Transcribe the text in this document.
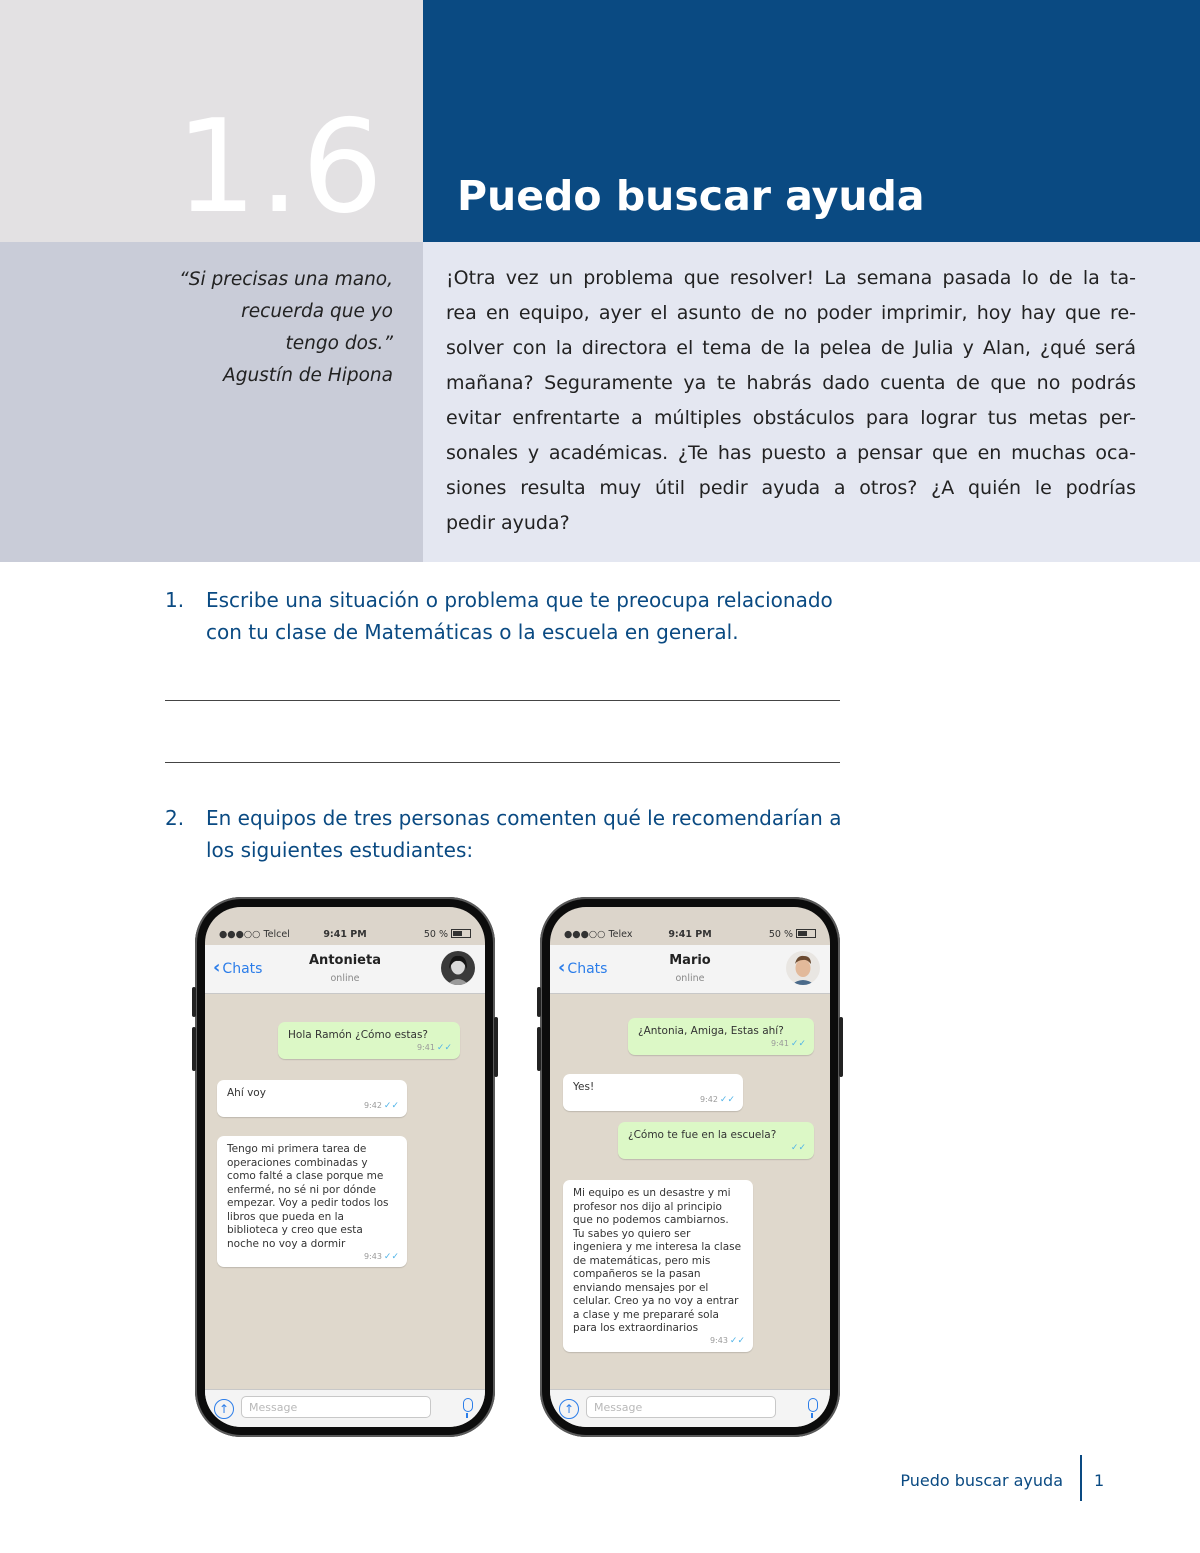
1.6 Puedo buscar ayuda
“Si precisas una mano,
recuerda que yo
tengo dos.”
Agustín de Hipona
¡Otra vez un problema que resolver! La semana pasada lo de la ta-
rea en equipo, ayer el asunto de no poder imprimir, hoy hay que re-
solver con la directora el tema de la pelea de Julia y Alan, ¿qué será
mañana? Seguramente ya te habrás dado cuenta de que no podrás
evitar enfrentarte a múltiples obstáculos para lograr tus metas per-
sonales y académicas. ¿Te has puesto a pensar que en muchas oca-
siones resulta muy útil pedir ayuda a otros? ¿A quién le podrías
pedir ayuda?
1. Escribe una situación o problema que te preocupa relacionado
con tu clase de Matemáticas o la escuela en general.
2. En equipos de tres personas comenten qué le recomendarían a
los siguientes estudiantes:
●●●○○ Telcel	9:41 PM	50 %
‹ Chats
Antonieta
online
Hola Ramón ¿Cómo estas?
9:41 ✓✓
Ahí voy
9:42 ✓✓
Tengo mi primera tarea de operaciones combinadas y como falté a clase porque me enfermé, no sé ni por dónde empezar. Voy a pedir todos los libros que pueda en la biblioteca y creo que esta noche no voy a dormir
9:43 ✓✓
↑	Message
●●●○○ Telex	9:41 PM	50 %
‹ Chats
Mario
online
¿Antonia, Amiga, Estas ahí?
9:41 ✓✓
Yes!
9:42 ✓✓
¿Cómo te fue en la escuela?
✓✓
Mi equipo es un desastre y mi profesor nos dijo al principio que no podemos cambiarnos. Tu sabes yo quiero ser ingeniera y me interesa la clase de matemáticas, pero mis compañeros se la pasan enviando mensajes por el celular. Creo ya no voy a entrar a clase y me prepararé sola para los extraordinarios
9:43 ✓✓
↑	Message
Puedo buscar ayuda 1
